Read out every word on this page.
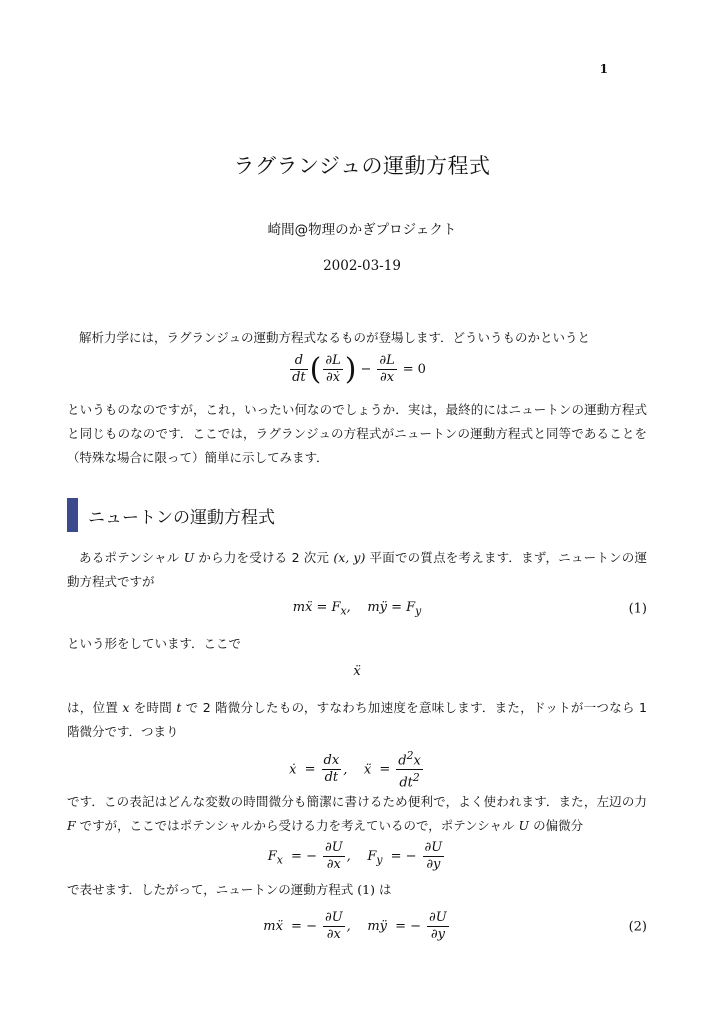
1
ラグランジュの運動方程式
崎間@物理のかぎプロジェクト
2002-03-19

解析力学には，ラグランジュの運動方程式なるものが登場します．どういうものかというと

$\frac{d}{dt}$ ( $\frac{\partial L}{\text{∂ẋ}}$ ) − $\frac{\partial L}{\partial x} = 0$

というものなのですが，これ，いったい何なのでしょうか．実は，最終的にはニュートンの運動方程式と同じものなのです．ここでは，ラグランジュの方程式がニュートンの運動方程式と同等であることを（特殊な場合に限って）簡単に示してみます．

ニュートンの運動方程式

あるポテンシャル U から力を受ける 2 次元 (x, y) 平面での質点を考えます．まず，ニュートンの運動方程式ですが

mẍ = $F_x$,    mÿ = $F_y$	(1)

という形をしています．ここで

ẍ

は，位置 x を時間 t で 2 階微分したもの，すなわち加速度を意味します．また，ドットが一つなら 1 階微分です．つまり

ẋ = $\frac{dx}{dt}$ ,    ẍ = $\frac{d^2x}{dt^2}$

です．この表記はどんな変数の時間微分も簡潔に書けるため便利で，よく使われます．また，左辺の力 F ですが，ここではポテンシャルから受ける力を考えているので，ポテンシャル U の偏微分

$F_x$ = − $\frac{\partial U}{\partial x}$ ,    $F_y$ = − $\frac{\partial U}{\partial y}$

で表せます．したがって，ニュートンの運動方程式 (1) は

mẍ = − $\frac{\partial U}{\partial x}$ ,    mÿ = − $\frac{\partial U}{\partial y}$	(2)
